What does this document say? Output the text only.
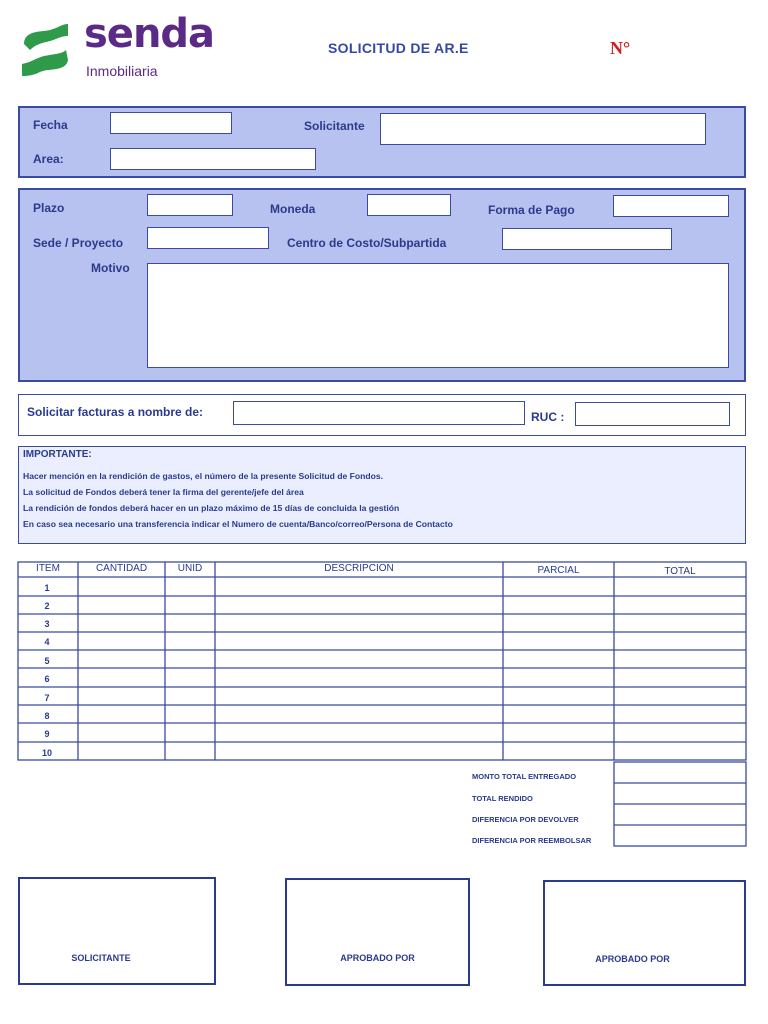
senda
Inmobiliaria
SOLICITUD DE AR.E	N°
Fecha	Solicitante
Area:
Plazo	Moneda	Forma de Pago
Sede / Proyecto	Centro de Costo/Subpartida
Motivo
Solicitar facturas a nombre de:	RUC :
IMPORTANTE:
Hacer mención en la rendición de gastos, el número de la presente Solicitud de Fondos.
La solicitud de Fondos deberá tener la firma del gerente/jefe del área
La rendición de fondos deberá hacer en un plazo máximo de 15 días de concluida la gestión
En caso sea necesario una transferencia indicar el Numero de cuenta/Banco/correo/Persona de Contacto
ITEM	CANTIDAD	UNID	DESCRIPCION	PARCIAL	TOTAL
1
2
3
4
5
6
7
8
9
10
MONTO TOTAL ENTREGADO
TOTAL RENDIDO
DIFERENCIA POR DEVOLVER
DIFERENCIA POR REEMBOLSAR
SOLICITANTE	APROBADO POR	APROBADO POR
